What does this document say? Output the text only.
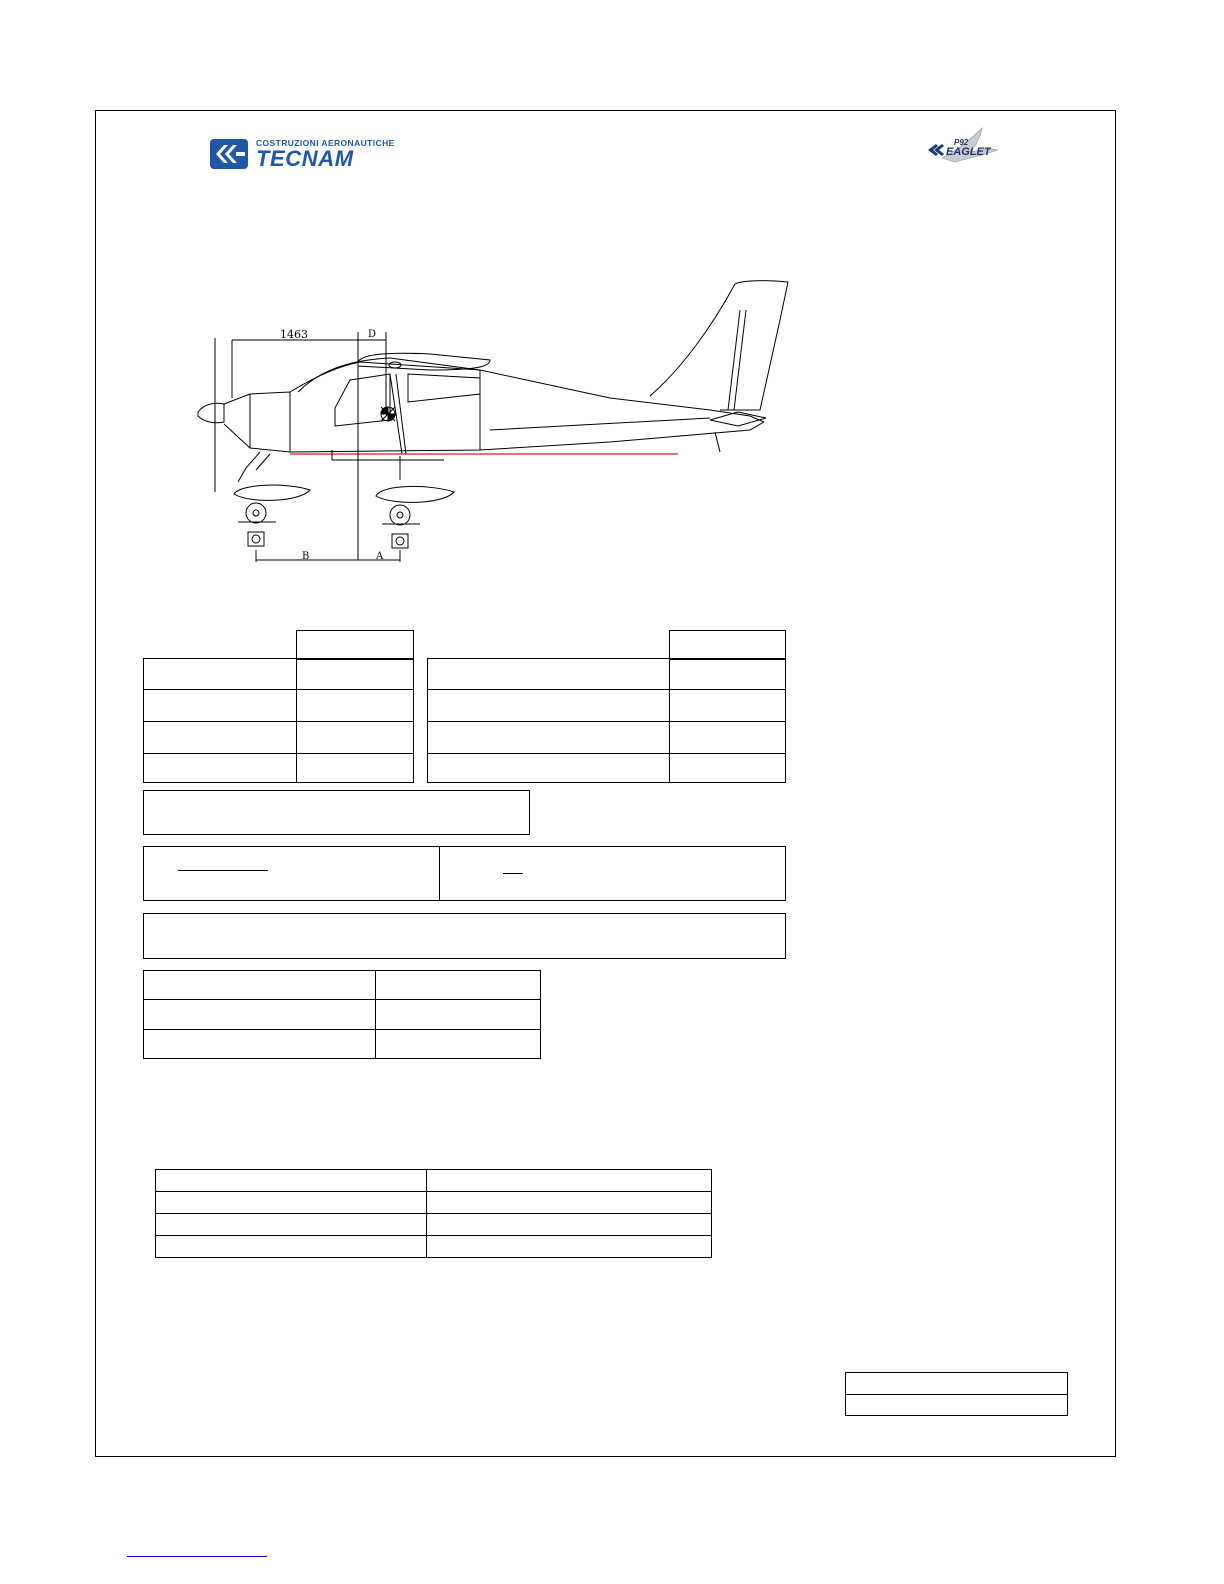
COSTRUZIONI AERONAUTICHE
TECNAM
P92
EAGLET
1463	D
B	A
